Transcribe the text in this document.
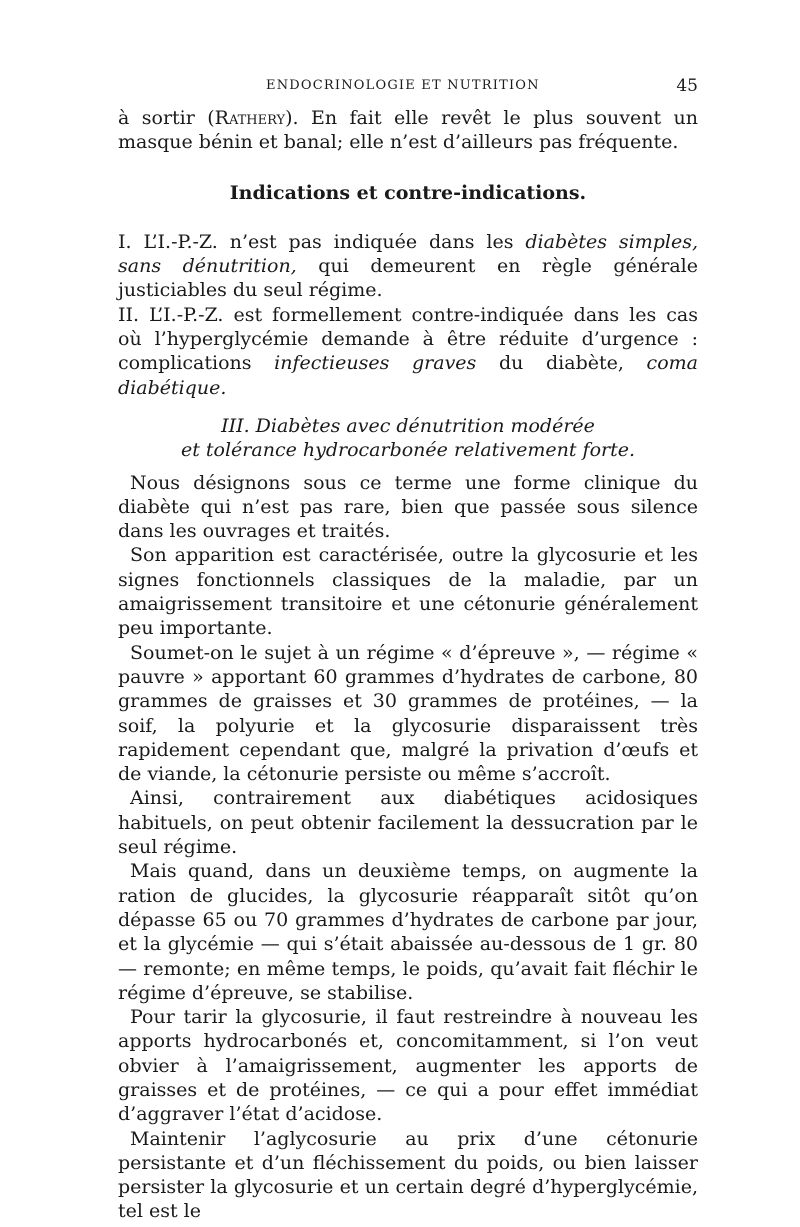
ENDOCRINOLOGIE ET NUTRITION	45

à sortir (Rathery). En fait elle revêt le plus souvent un masque bénin et banal; elle n’est d’ailleurs pas fréquente.

Indications et contre-indications.

I. L’I.-P.-Z. n’est pas indiquée dans les diabètes simples, sans dénutrition, qui demeurent en règle générale justiciables du seul régime.

II. L’I.-P.-Z. est formellement contre-indiquée dans les cas où l’hyperglycémie demande à être réduite d’urgence : complications infectieuses graves du diabète, coma diabétique.

III. Diabètes avec dénutrition modérée
et tolérance hydrocarbonée relativement forte.

Nous désignons sous ce terme une forme clinique du diabète qui n’est pas rare, bien que passée sous silence dans les ouvrages et traités.

Son apparition est caractérisée, outre la glycosurie et les signes fonctionnels classiques de la maladie, par un amaigrissement transitoire et une cétonurie généralement peu importante.

Soumet-on le sujet à un régime « d’épreuve », — régime « pauvre » apportant 60 grammes d’hydrates de carbone, 80 grammes de graisses et 30 grammes de protéines, — la soif, la polyurie et la glycosurie disparaissent très rapidement cependant que, malgré la privation d’œufs et de viande, la cétonurie persiste ou même s’accroît.

Ainsi, contrairement aux diabétiques acidosiques habituels, on peut obtenir facilement la dessucration par le seul régime.

Mais quand, dans un deuxième temps, on augmente la ration de glucides, la glycosurie réapparaît sitôt qu’on dépasse 65 ou 70 grammes d’hydrates de carbone par jour, et la glycémie — qui s’était abaissée au-dessous de 1 gr. 80 — remonte; en même temps, le poids, qu’avait fait fléchir le régime d’épreuve, se stabilise.

Pour tarir la glycosurie, il faut restreindre à nouveau les apports hydrocarbonés et, concomitamment, si l’on veut obvier à l’amaigrissement, augmenter les apports de graisses et de protéines, — ce qui a pour effet immédiat d’aggraver l’état d’acidose.

Maintenir l’aglycosurie au prix d’une cétonurie persistante et d’un fléchissement du poids, ou bien laisser persister la glycosurie et un certain degré d’hyperglycémie, tel est le
